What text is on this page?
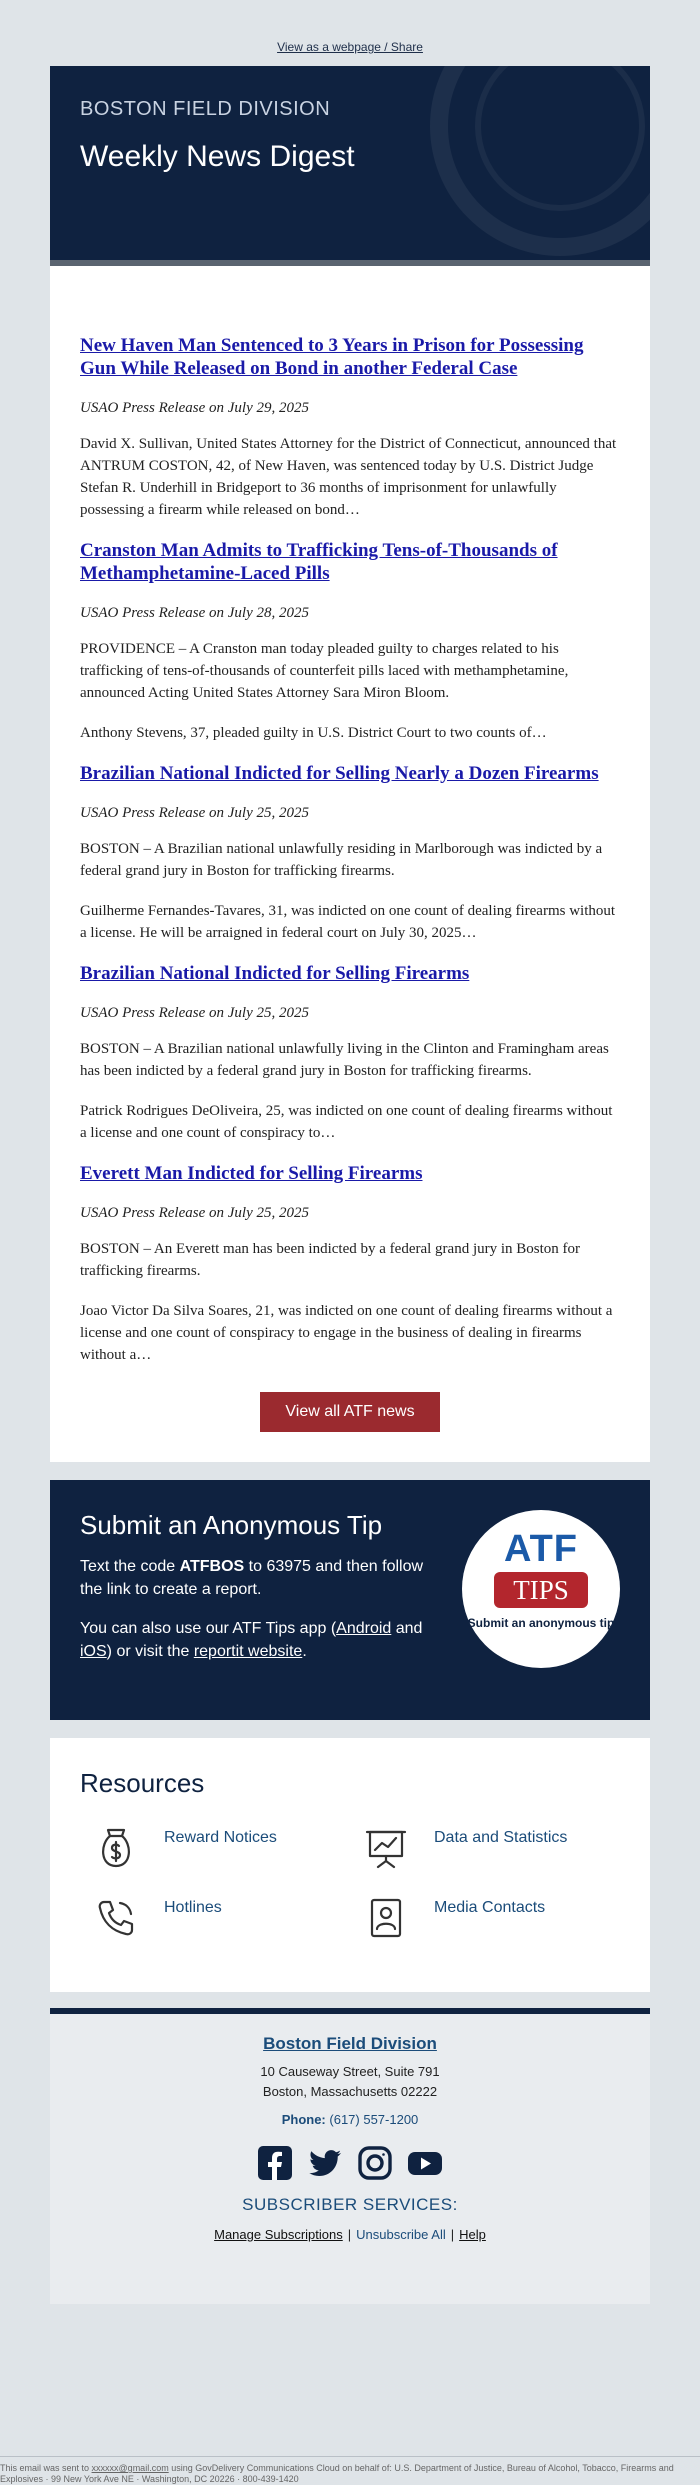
View as a webpage / Share
BOSTON FIELD DIVISION
Weekly News Digest
New Haven Man Sentenced to 3 Years in Prison for Possessing Gun While Released on Bond in another Federal Case
USAO Press Release on July 29, 2025

David X. Sullivan, United States Attorney for the District of Connecticut, announced that ANTRUM COSTON, 42, of New Haven, was sentenced today by U.S. District Judge Stefan R. Underhill in Bridgeport to 36 months of imprisonment for unlawfully possessing a firearm while released on bond…

Cranston Man Admits to Trafficking Tens-of-Thousands of Methamphetamine-Laced Pills
USAO Press Release on July 28, 2025

PROVIDENCE – A Cranston man today pleaded guilty to charges related to his trafficking of tens-of-thousands of counterfeit pills laced with methamphetamine, announced Acting United States Attorney Sara Miron Bloom.

Anthony Stevens, 37, pleaded guilty in U.S. District Court to two counts of…

Brazilian National Indicted for Selling Nearly a Dozen Firearms
USAO Press Release on July 25, 2025

BOSTON – A Brazilian national unlawfully residing in Marlborough was indicted by a federal grand jury in Boston for trafficking firearms.

Guilherme Fernandes-Tavares, 31, was indicted on one count of dealing firearms without a license. He will be arraigned in federal court on July 30, 2025…

Brazilian National Indicted for Selling Firearms
USAO Press Release on July 25, 2025

BOSTON – A Brazilian national unlawfully living in the Clinton and Framingham areas has been indicted by a federal grand jury in Boston for trafficking firearms.

Patrick Rodrigues DeOliveira, 25, was indicted on one count of dealing firearms without a license and one count of conspiracy to…

Everett Man Indicted for Selling Firearms
USAO Press Release on July 25, 2025

BOSTON – An Everett man has been indicted by a federal grand jury in Boston for trafficking firearms.

Joao Victor Da Silva Soares, 21, was indicted on one count of dealing firearms without a license and one count of conspiracy to engage in the business of dealing in firearms without a…

View all ATF news
Submit an Anonymous Tip

Text the code ATFBOS to 63975 and then follow the link to create a report.

You can also use our ATF Tips app (Android and iOS) or visit the reportit website.

ATF
TIPS
Submit an anonymous tip
Resources
Reward Notices	Data and Statistics
Hotlines	Media Contacts
Boston Field Division
10 Causeway Street, Suite 791
Boston, Massachusetts 02222
Phone: (617) 557-1200
SUBSCRIBER SERVICES:
Manage Subscriptions | Unsubscribe All | Help
This email was sent to xxxxxx@gmail.com using GovDelivery Communications Cloud on behalf of: U.S. Department of Justice, Bureau of Alcohol, Tobacco, Firearms and Explosives · 99 New York Ave NE · Washington, DC 20226 · 800-439-1420
